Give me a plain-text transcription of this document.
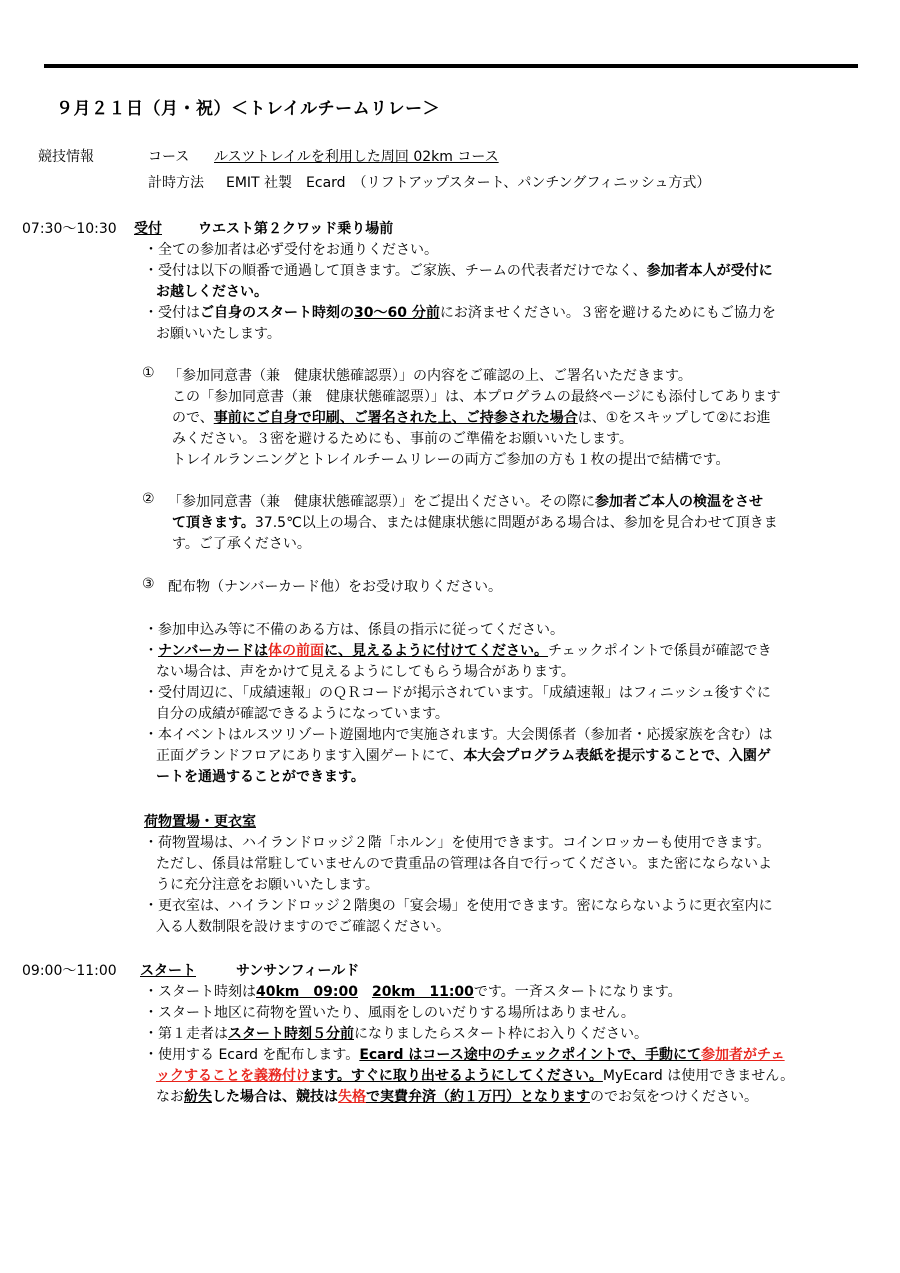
９月２１日（月・祝）＜トレイルチームリレー＞
競技情報	コース ルスツトレイルを利用した周回 02km コース
計時方法 EMIT 社製　Ecard　（リフトアップスタート、パンチングフィニッシュ方式）
07:30～10:30 受付	ウエスト第２クワッド乗り場前
・全ての参加者は必ず受付をお通りください。
・受付は以下の順番で通過して頂きます。ご家族、チームの代表者だけでなく、参加者本人が受付に
お越しください。
・受付はご自身のスタート時刻の30～60 分前にお済ませください。３密を避けるためにもご協力を
お願いいたします。
① 「参加同意書（兼　健康状態確認票）」の内容をご確認の上、ご署名いただきます。
この「参加同意書（兼　健康状態確認票）」は、本プログラムの最終ページにも添付してあります
ので、事前にご自身で印刷、ご署名された上、ご持参された場合は、①をスキップして②にお進
みください。３密を避けるためにも、事前のご準備をお願いいたします。
トレイルランニングとトレイルチームリレーの両方ご参加の方も１枚の提出で結構です。
② 「参加同意書（兼　健康状態確認票）」をご提出ください。その際に参加者ご本人の検温をさせ
て頂きます。37.5℃以上の場合、または健康状態に問題がある場合は、参加を見合わせて頂きま
す。ご了承ください。
③ 配布物（ナンバーカード他）をお受け取りください。
・参加申込み等に不備のある方は、係員の指示に従ってください。
・ナンバーカードは体の前面に、見えるように付けてください。チェックポイントで係員が確認でき
ない場合は、声をかけて見えるようにしてもらう場合があります。
・受付周辺に、「成績速報」のＱＲコードが掲示されています。「成績速報」はフィニッシュ後すぐに
自分の成績が確認できるようになっています。
・本イベントはルスツリゾート遊園地内で実施されます。大会関係者（参加者・応援家族を含む）は
正面グランドフロアにあります入園ゲートにて、本大会プログラム表紙を提示することで、入園ゲ
ートを通過することができます。
荷物置場・更衣室
・荷物置場は、ハイランドロッジ２階「ホルン」を使用できます。コインロッカーも使用できます。
ただし、係員は常駐していませんので貴重品の管理は各自で行ってください。また密にならないよ
うに充分注意をお願いいたします。
・更衣室は、ハイランドロッジ２階奥の「宴会場」を使用できます。密にならないように更衣室内に
入る人数制限を設けますのでご確認ください。
09:00～11:00 スタート	サンサンフィールド
・スタート時刻は40km　09:00　 20km　11:00です。一斉スタートになります。
・スタート地区に荷物を置いたり、風雨をしのいだりする場所はありません。
・第１走者はスタート時刻５分前になりましたらスタート枠にお入りください。
・使用する Ecard を配布します。Ecard はコース途中のチェックポイントで、手動にて参加者がチェ
ックすることを義務付けます。すぐに取り出せるようにしてください。MyEcard は使用できません。
なお紛失した場合は、競技は失格で実費弁済（約１万円）となりますのでお気をつけください。
